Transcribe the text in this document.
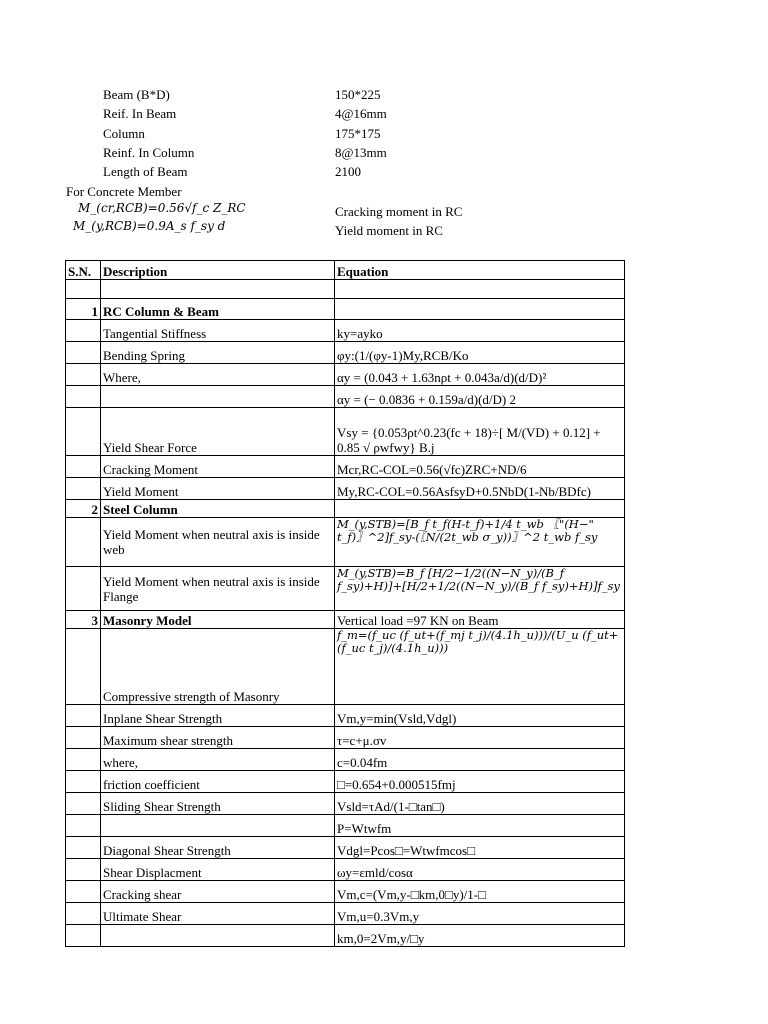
Beam (B*D)	150*225
Reif. In Beam	4@16mm
Column	175*175
Reinf. In Column	8@13mm
Length of Beam	2100
For Concrete Member
M_(cr,RCB)=0.56√f_c Z_RC
M_(y,RCB)=0.9A_s f_sy d
Cracking moment in RC
Yield moment in RC
S.N.	Description	Equation

1	RC Column & Beam	
	Tangential Stiffness	ky=ayko
	Bending Spring	φy:(1/(φy-1)My,RCB/Ko
	Where,	αy = (0.043 + 1.63nρt + 0.043a/d)(d/D)²
		αy = (− 0.0836 + 0.159a/d)(d/D) 2
	Yield Shear Force	Vsy = {0.053ρt^0.23(fc + 18)÷[ M/(VD) + 0.12] + 0.85 √ ρwfwy} B.j
	Cracking Moment	Mcr,RC-COL=0.56(√fc)ZRC+ND/6
	Yield Moment	My,RC-COL=0.56AsfsyD+0.5NbD(1-Nb/BDfc)
2	Steel Column	
	Yield Moment when neutral axis is inside web	M_(y,STB)=[B_f t_f(H-t_f)+1/4 t_wb 〖"(H−" t_f)〗^2]f_sy-(〖N/(2t_wb σ_y))〗^2 t_wb f_sy

	Yield Moment when neutral axis is inside Flange	M_(y,STB)=B_f [H/2−1/2((N−N_y)/(B_f f_sy)+H)]+[H/2+1/2((N−N_y)/(B_f f_sy)+H)]f_sy

3	Masonry Model	Vertical load =97 KN on Beam
	Compressive strength of Masonry	f_m=(f_uc (f_ut+(f_mj t_j)/(4.1h_u)))/(U_u (f_ut+(f_uc t_j)/(4.1h_u)))

	Inplane Shear Strength	Vm,y=min(Vsld,Vdgl)
	Maximum shear strength	τ=c+μ.σv
	where,	c=0.04fm
	friction coefficient	□=0.654+0.000515fmj
	Sliding Shear Strength	Vsld=τAd/(1-□tan□)
		P=Wtwfm
	Diagonal Shear Strength	Vdgl=Pcos□=Wtwfmcos□
	Shear Displacment	ωy=εmld/cosα
	Cracking shear	Vm,c=(Vm,y-□km,0□y)/1-□
	Ultimate Shear	Vm,u=0.3Vm,y
		km,0=2Vm,y/□y
